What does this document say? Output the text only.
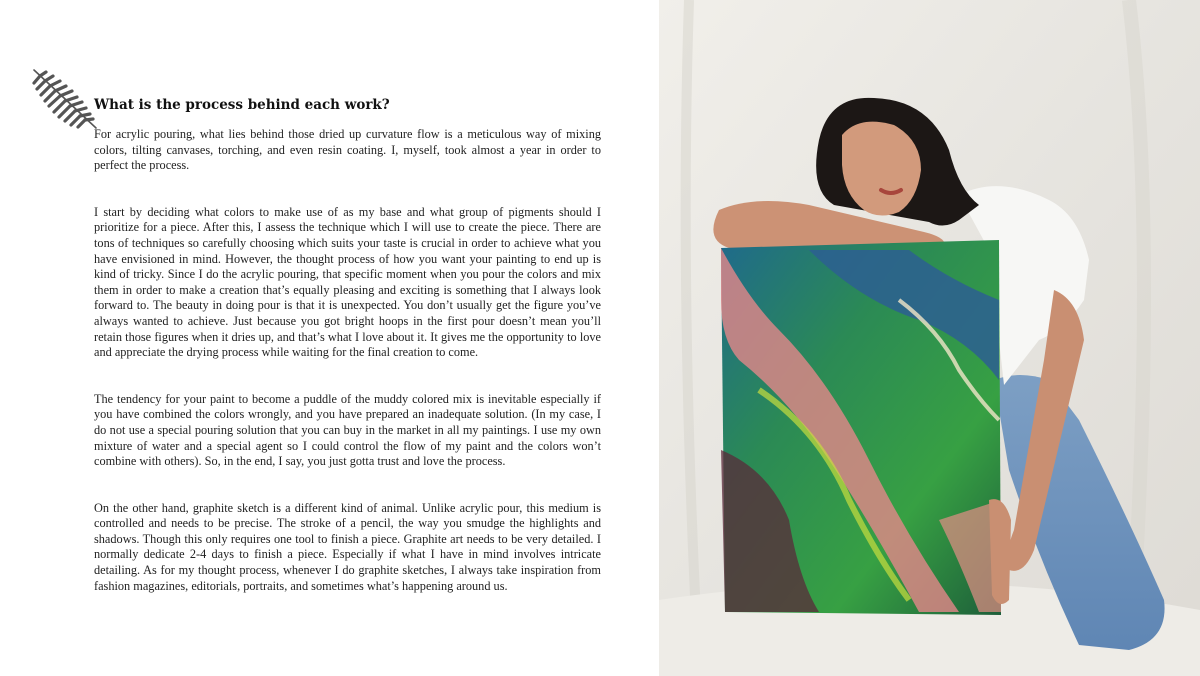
What is the process behind each work?

For acrylic pouring, what lies behind those dried up curvature flow is a meticulous way of mixing colors, tilting canvases, torching, and even resin coating. I, myself, took almost a year in order to perfect the process.

I start by deciding what colors to make use of as my base and what group of pigments should I prioritize for a piece. After this, I assess the technique which I will use to create the piece. There are tons of techniques so carefully choosing which suits your taste is crucial in order to achieve what you have envisioned in mind. However, the thought process of how you want your painting to end up is kind of tricky. Since I do the acrylic pouring, that specific moment when you pour the colors and mix them in order to make a creation that’s equally pleasing and exciting is something that I always look forward to. The beauty in doing pour is that it is unexpected. You don’t usually get the figure you’ve always wanted to achieve. Just because you got bright hoops in the first pour doesn’t mean you’ll retain those figures when it dries up, and that’s what I love about it. It gives me the opportunity to love and appreciate the drying process while waiting for the final creation to come.

The tendency for your paint to become a puddle of the muddy colored mix is inevitable especially if you have combined the colors wrongly, and you have prepared an inadequate solution. (In my case, I do not use a special pouring solution that you can buy in the market in all my paintings. I use my own mixture of water and a special agent so I could control the flow of my paint and the colors won’t combine with others). So, in the end, I say, you just gotta trust and love the process.

On the other hand, graphite sketch is a different kind of animal. Unlike acrylic pour, this medium is controlled and needs to be precise. The stroke of a pencil, the way you smudge the highlights and shadows. Though this only requires one tool to finish a piece. Graphite art needs to be very detailed. I normally dedicate 2-4 days to finish a piece. Especially if what I have in mind involves intricate detailing. As for my thought process, whenever I do graphite sketches, I always take inspiration from fashion magazines, editorials, portraits, and sometimes what’s happening around us.
